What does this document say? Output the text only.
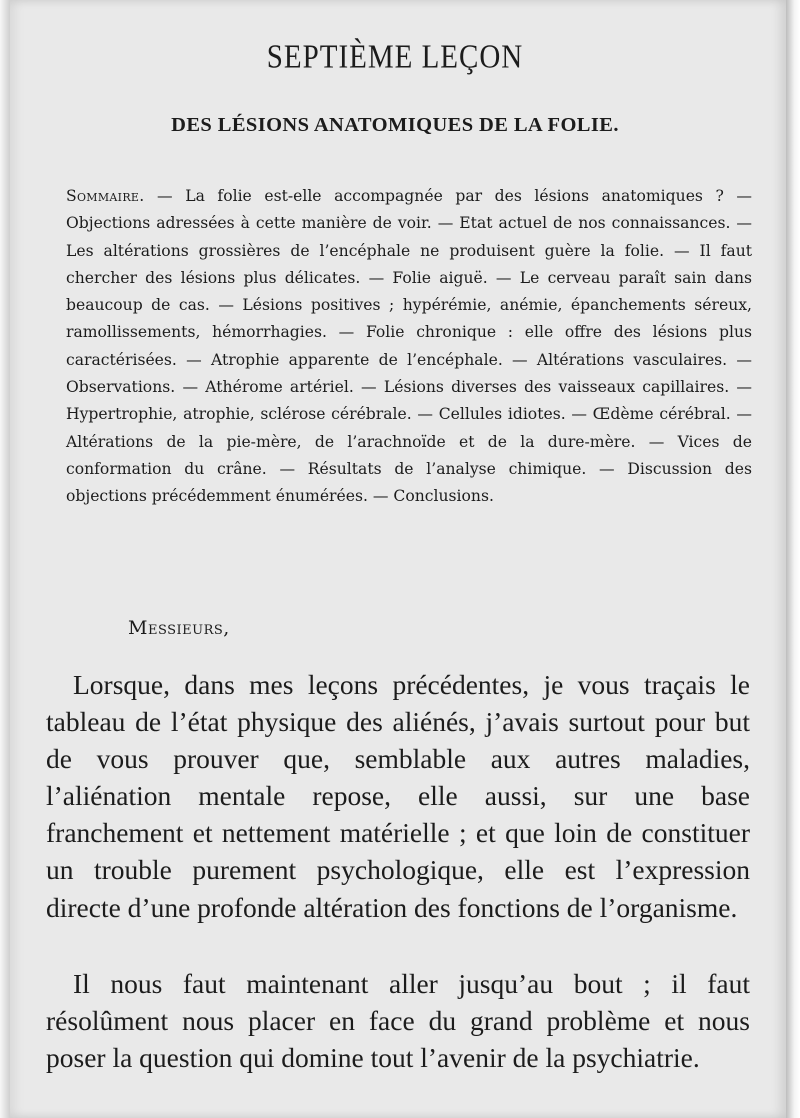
SEPTIÈME LEÇON
DES LÉSIONS ANATOMIQUES DE LA FOLIE.
Sommaire. — La folie est-elle accompagnée par des lésions anatomiques ? — Objections adressées à cette manière de voir. — Etat actuel de nos connaissances. — Les altérations grossières de l’encéphale ne produisent guère la folie. — Il faut chercher des lésions plus délicates. — Folie aiguë. — Le cerveau paraît sain dans beaucoup de cas. — Lésions positives ; hypérémie, anémie, épanchements séreux, ramollissements, hémorrhagies. — Folie chronique : elle offre des lésions plus caractérisées. — Atrophie apparente de l’encéphale. — Altérations vasculaires. — Observations. — Athérome artériel. — Lésions diverses des vaisseaux capillaires. — Hypertrophie, atrophie, sclérose cérébrale. — Cellules idiotes. — Œdème cérébral. — Altérations de la pie-mère, de l’arachnoïde et de la dure-mère. — Vices de conformation du crâne. — Résultats de l’analyse chimique. — Discussion des objections précédemment énumérées. — Conclusions.
Messieurs,
Lorsque, dans mes leçons précédentes, je vous traçais le tableau de l’état physique des aliénés, j’avais surtout pour but de vous prouver que, semblable aux autres maladies, l’aliénation mentale repose, elle aussi, sur une base franchement et nettement matérielle ; et que loin de constituer un trouble purement psychologique, elle est l’expression directe d’une profonde altération des fonctions de l’organisme.
Il nous faut maintenant aller jusqu’au bout ; il faut résolûment nous placer en face du grand problème et nous poser la question qui domine tout l’avenir de la psychiatrie.
